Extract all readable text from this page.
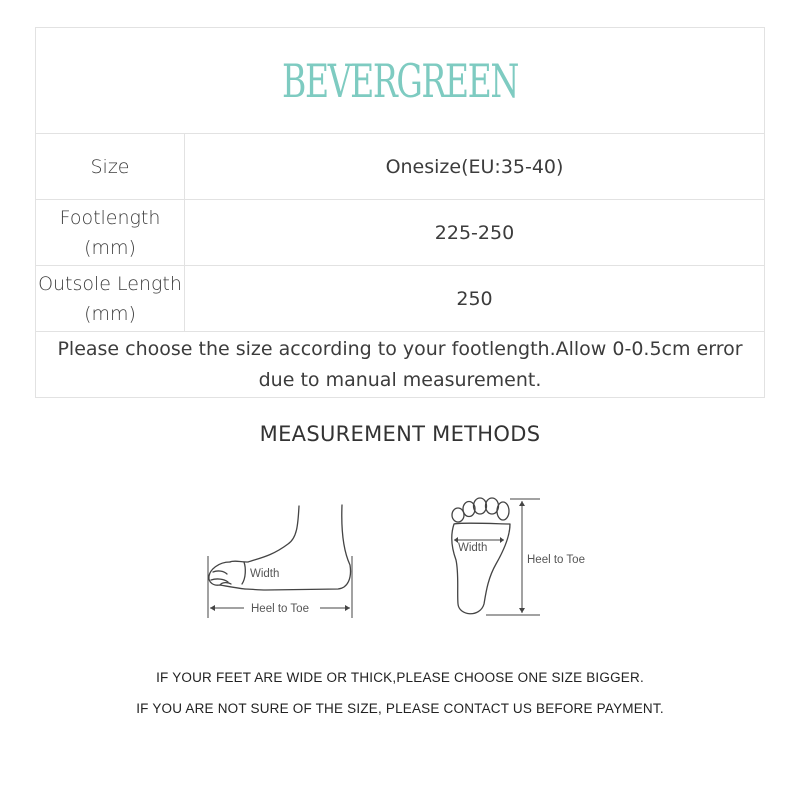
BEVERGREEN
Size	Onesize(EU:35-40)
Footlength
(mm)
225-250
Outsole Length
(mm)
250
Please choose the size according to your footlength.Allow 0-0.5cm error due to manual measurement.
MEASUREMENT METHODS
Width
Heel to Toe
Width
Heel to Toe
IF YOUR FEET ARE WIDE OR THICK,PLEASE CHOOSE ONE SIZE BIGGER.
IF YOU ARE NOT SURE OF THE SIZE, PLEASE CONTACT US BEFORE PAYMENT.
